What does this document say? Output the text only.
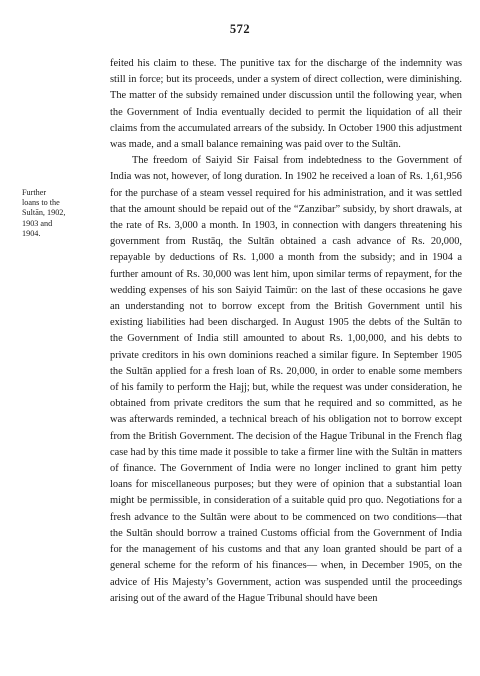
572
Further
loans to the
Sultān, 1902,
1903 and
1904.

feited his claim to these. The punitive tax for the discharge of the indemnity was still in force; but its proceeds, under a system of direct collection, were diminishing. The matter of the subsidy remained under discussion until the following year, when the Government of India eventually decided to permit the liquidation of all their claims from the accumulated arrears of the subsidy. In October 1900 this adjustment was made, and a small balance remaining was paid over to the Sultān.

The freedom of Saiyid Sir Faisal from indebtedness to the Government of India was not, however, of long duration. In 1902 he received a loan of Rs. 1,61,956 for the purchase of a steam vessel required for his administration, and it was settled that the amount should be repaid out of the “Zanzibar” subsidy, by short drawals, at the rate of Rs. 3,000 a month. In 1903, in connection with dangers threatening his government from Rustāq, the Sultān obtained a cash advance of Rs. 20,000, repayable by deductions of Rs. 1,000 a month from the subsidy; and in 1904 a further amount of Rs. 30,000 was lent him, upon similar terms of repayment, for the wedding expenses of his son Saiyid Taimūr: on the last of these occasions he gave an understanding not to borrow except from the British Government until his existing liabilities had been discharged. In August 1905 the debts of the Sultān to the Government of India still amounted to about Rs. 1,00,000, and his debts to private creditors in his own dominions reached a similar figure. In September 1905 the Sultān applied for a fresh loan of Rs. 20,000, in order to enable some members of his family to perform the Hajj; but, while the request was under consideration, he obtained from private creditors the sum that he required and so committed, as he was afterwards reminded, a technical breach of his obligation not to borrow except from the British Government. The decision of the Hague Tribunal in the French flag case had by this time made it possible to take a firmer line with the Sultān in matters of finance. The Government of India were no longer inclined to grant him petty loans for miscellaneous purposes; but they were of opinion that a substantial loan might be permissible, in consideration of a suitable quid pro quo. Negotiations for a fresh advance to the Sultān were about to be commenced on two conditions—that the Sultān should borrow a trained Customs official from the Government of India for the management of his customs and that any loan granted should be part of a general scheme for the reform of his finances— when, in December 1905, on the advice of His Majesty’s Government, action was suspended until the proceedings arising out of the award of the Hague Tribunal should have been
